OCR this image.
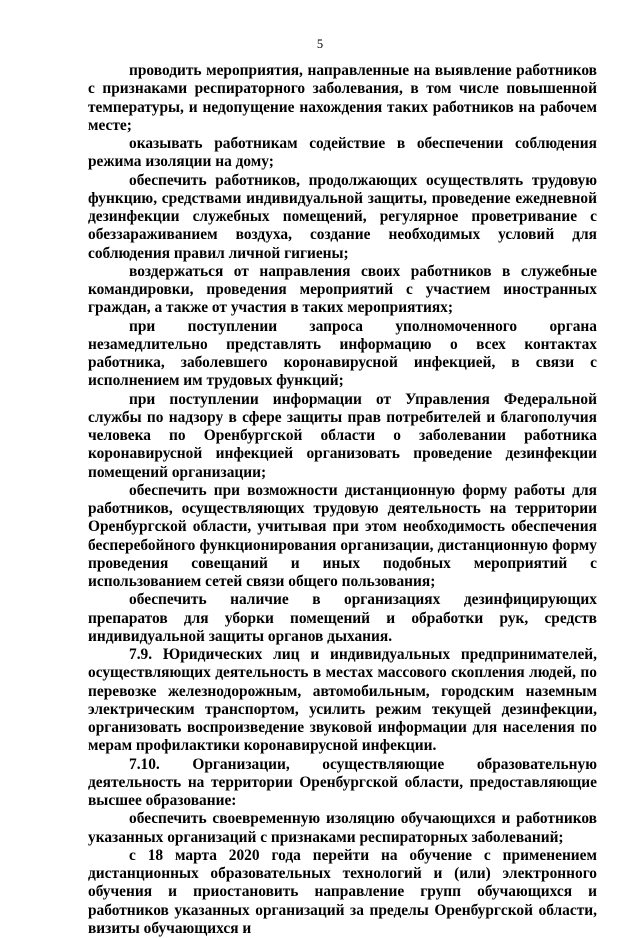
5

проводить мероприятия, направленные на выявление работников с признаками респираторного заболевания, в том числе повышенной температуры, и недопущение нахождения таких работников на рабочем месте;

оказывать работникам содействие в обеспечении соблюдения режима изоляции на дому;

обеспечить работников, продолжающих осуществлять трудовую функцию, средствами индивидуальной защиты, проведение ежедневной дезинфекции служебных помещений, регулярное проветривание с обеззараживанием воздуха, создание необходимых условий для соблюдения правил личной гигиены;

воздержаться от направления своих работников в служебные командировки, проведения мероприятий с участием иностранных граждан, а также от участия в таких мероприятиях;

при поступлении запроса уполномоченного органа незамедлительно представлять информацию о всех контактах работника, заболевшего коронавирусной инфекцией, в связи с исполнением им трудовых функций;

при поступлении информации от Управления Федеральной службы по надзору в сфере защиты прав потребителей и благополучия человека по Оренбургской области о заболевании работника коронавирусной инфекцией организовать проведение дезинфекции помещений организации;

обеспечить при возможности дистанционную форму работы для работников, осуществляющих трудовую деятельность на территории Оренбургской области, учитывая при этом необходимость обеспечения бесперебойного функционирования организации, дистанционную форму проведения совещаний и иных подобных мероприятий с использованием сетей связи общего пользования;

обеспечить наличие в организациях дезинфицирующих препаратов для уборки помещений и обработки рук, средств индивидуальной защиты органов дыхания.

7.9. Юридических лиц и индивидуальных предпринимателей, осуществляющих деятельность в местах массового скопления людей, по перевозке железнодорожным, автомобильным, городским наземным электрическим транспортом, усилить режим текущей дезинфекции, организовать воспроизведение звуковой информации для населения по мерам профилактики коронавирусной инфекции.

7.10. Организации, осуществляющие образовательную деятельность на территории Оренбургской области, предоставляющие высшее образование:

обеспечить своевременную изоляцию обучающихся и работников указанных организаций с признаками респираторных заболеваний;

с 18 марта 2020 года перейти на обучение с применением дистанционных образовательных технологий и (или) электронного обучения и приостановить направление групп обучающихся и работников указанных организаций за пределы Оренбургской области, визиты обучающихся и
